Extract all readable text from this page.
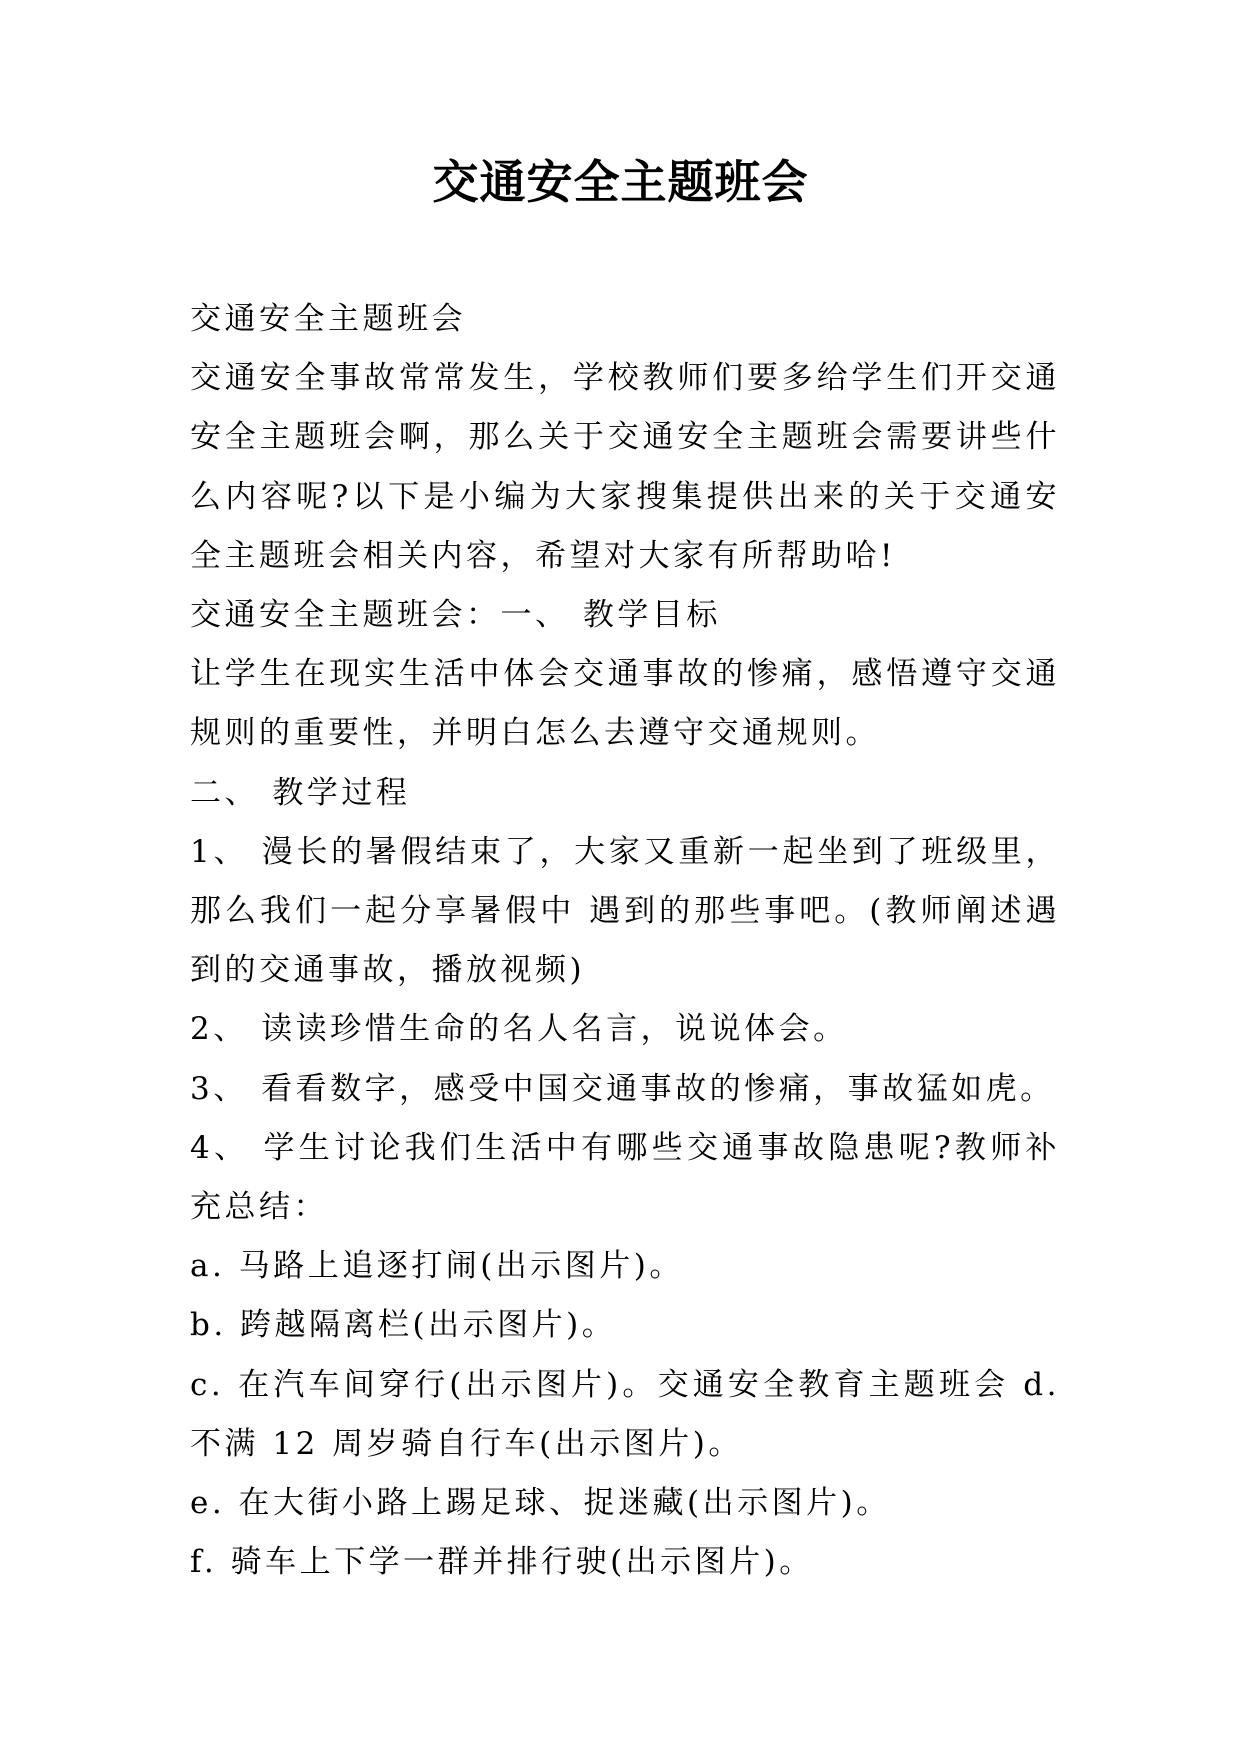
交通安全主题班会

交通安全主题班会

交通安全事故常常发生，学校教师们要多给学生们开交通安全主题班会啊，那么关于交通安全主题班会需要讲些什么内容呢?以下是小编为大家搜集提供出来的关于交通安全主题班会相关内容，希望对大家有所帮助哈!

交通安全主题班会：一、 教学目标

让学生在现实生活中体会交通事故的惨痛，感悟遵守交通规则的重要性，并明白怎么去遵守交通规则。

二、 教学过程

1、 漫长的暑假结束了，大家又重新一起坐到了班级里，那么我们一起分享暑假中 遇到的那些事吧。(教师阐述遇到的交通事故，播放视频)

2、 读读珍惜生命的名人名言，说说体会。

3、 看看数字，感受中国交通事故的惨痛，事故猛如虎。

4、 学生讨论我们生活中有哪些交通事故隐患呢?教师补充总结：

a. 马路上追逐打闹(出示图片)。

b. 跨越隔离栏(出示图片)。

c. 在汽车间穿行(出示图片)。交通安全教育主题班会 d. 不满 12 周岁骑自行车(出示图片)。

e. 在大街小路上踢足球、捉迷藏(出示图片)。

f. 骑车上下学一群并排行驶(出示图片)。
